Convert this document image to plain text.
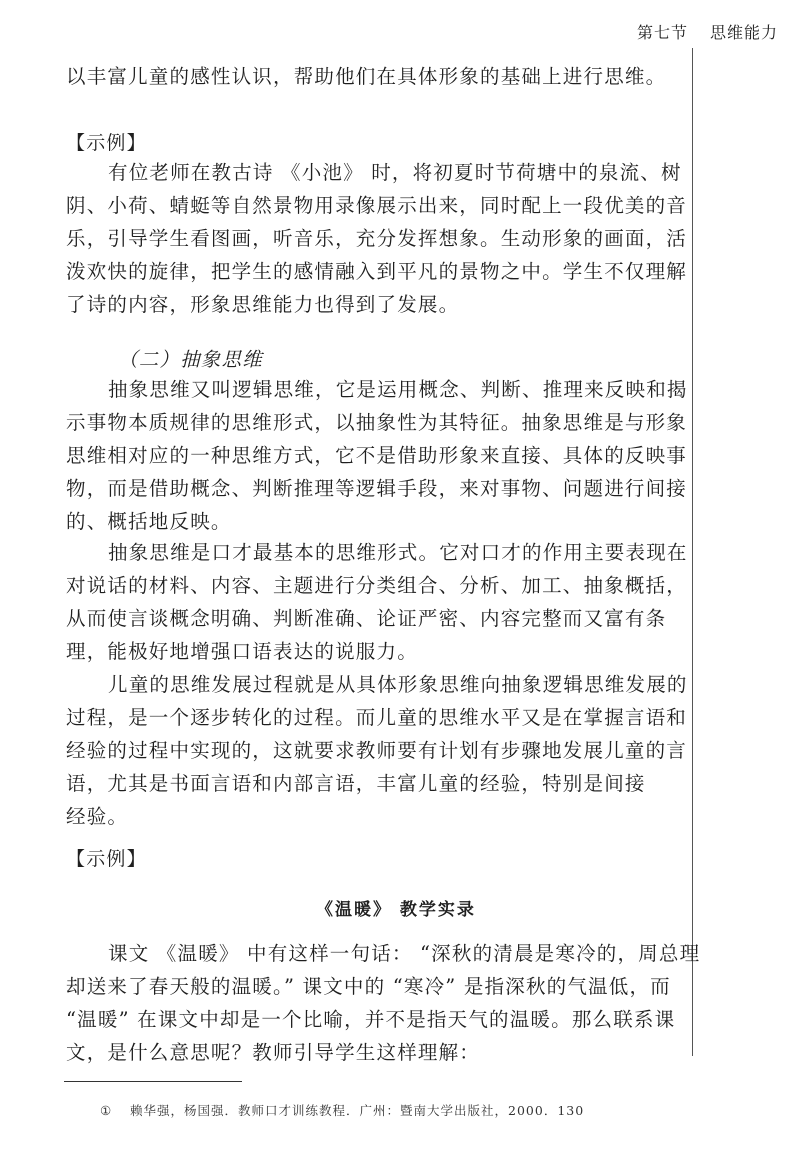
第七节 思维能力
以丰富儿童的感性认识，帮助他们在具体形象的基础上进行思维。
【示例】
有位老师在教古诗 《小池》 时，将初夏时节荷塘中的泉流、树
阴、小荷、蜻蜓等自然景物用录像展示出来，同时配上一段优美的音
乐，引导学生看图画，听音乐，充分发挥想象。生动形象的画面，活
泼欢快的旋律，把学生的感情融入到平凡的景物之中。学生不仅理解
了诗的内容，形象思维能力也得到了发展。
（二）抽象思维
抽象思维又叫逻辑思维，它是运用概念、判断、推理来反映和揭
示事物本质规律的思维形式，以抽象性为其特征。抽象思维是与形象
思维相对应的一种思维方式，它不是借助形象来直接、具体的反映事
物，而是借助概念、判断推理等逻辑手段，来对事物、问题进行间接
的、概括地反映。
抽象思维是口才最基本的思维形式。它对口才的作用主要表现在
对说话的材料、内容、主题进行分类组合、分析、加工、抽象概括，
从而使言谈概念明确、判断准确、论证严密、内容完整而又富有条
理，能极好地增强口语表达的说服力。
儿童的思维发展过程就是从具体形象思维向抽象逻辑思维发展的
过程，是一个逐步转化的过程。而儿童的思维水平又是在掌握言语和
经验的过程中实现的，这就要求教师要有计划有步骤地发展儿童的言
语，尤其是书面言语和内部言语，丰富儿童的经验，特别是间接
经验。
【示例】
《温暖》 教学实录
课文 《温暖》 中有这样一句话： “深秋的清晨是寒冷的，周总理
却送来了春天般的温暖。” 课文中的 “寒冷” 是指深秋的气温低，而
“温暖” 在课文中却是一个比喻，并不是指天气的温暖。那么联系课
文，是什么意思呢？教师引导学生这样理解：
① 赖华强，杨国强．教师口才训练教程．广州：暨南大学出版社，2000．130
